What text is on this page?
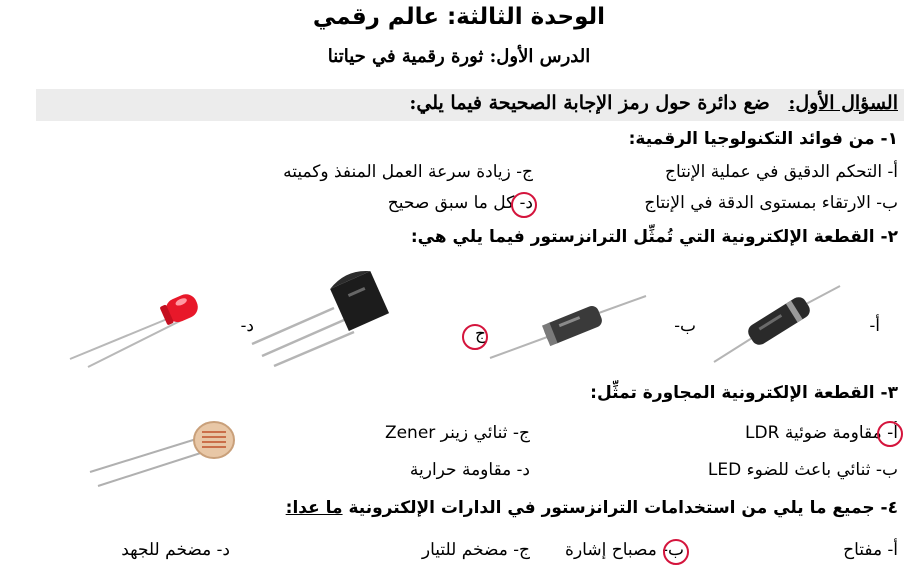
الوحدة الثالثة: عالم رقمي
الدرس الأول: ثورة رقمية في حياتنا
السؤال الأول: ضع دائرة حول رمز الإجابة الصحيحة فيما يلي:
١- من فوائد التكنولوجيا الرقمية:
أ- التحكم الدقيق في عملية الإنتاج
ج- زيادة سرعة العمل المنفذ وكميته
ب- الارتقاء بمستوى الدقة في الإنتاج
د- كل ما سبق صحيح
٢- القطعة الإلكترونية التي تُمثِّل الترانزستور فيما يلي هي:
أ-
ب-
ج
د-
٣- القطعة الإلكترونية المجاورة تمثِّل:
أ- مقاومة ضوئية LDR
ج- ثنائي زينر Zener
ب- ثنائي باعث للضوء LED
د- مقاومة حرارية
٤- جميع ما يلي من استخدامات الترانزستور في الدارات الإلكترونية ما عدا:
أ- مفتاح
ب- مصباح إشارة
ج- مضخم للتيار
د- مضخم للجهد
